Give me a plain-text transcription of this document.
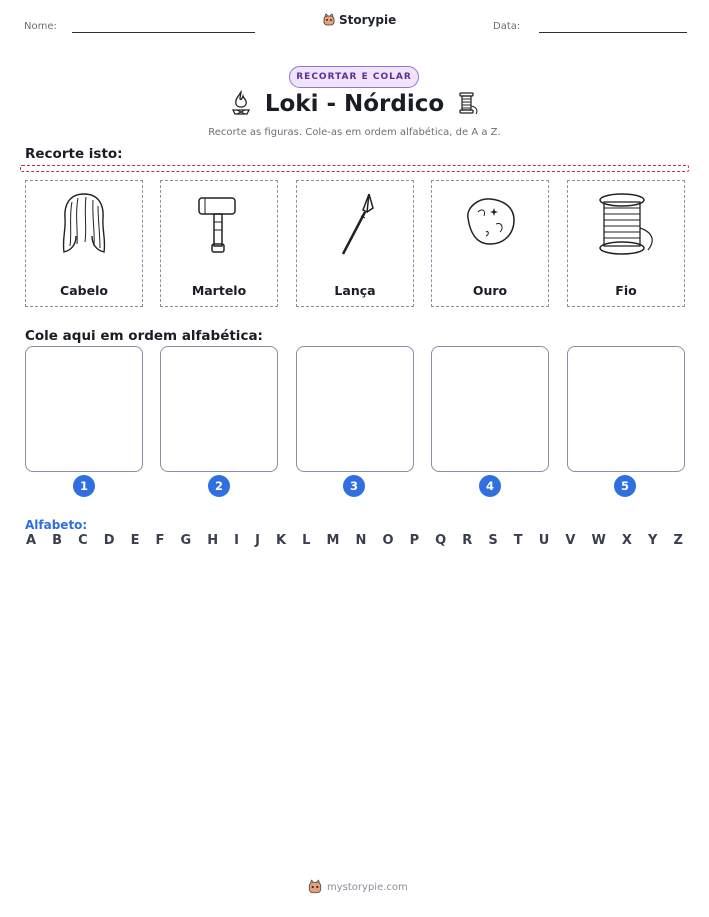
Nome:	Storypie	Data:
RECORTAR E COLAR
Loki - Nórdico
Recorte as figuras. Cole-as em ordem alfabética, de A a Z.
Recorte isto:
Cabelo	Martelo	Lança	Ouro	Fio
Cole aqui em ordem alfabética:
1	2	3	4	5
Alfabeto:
A B C D E F G H I J K L M N O P Q R S T U V W X Y Z
mystorypie.com
